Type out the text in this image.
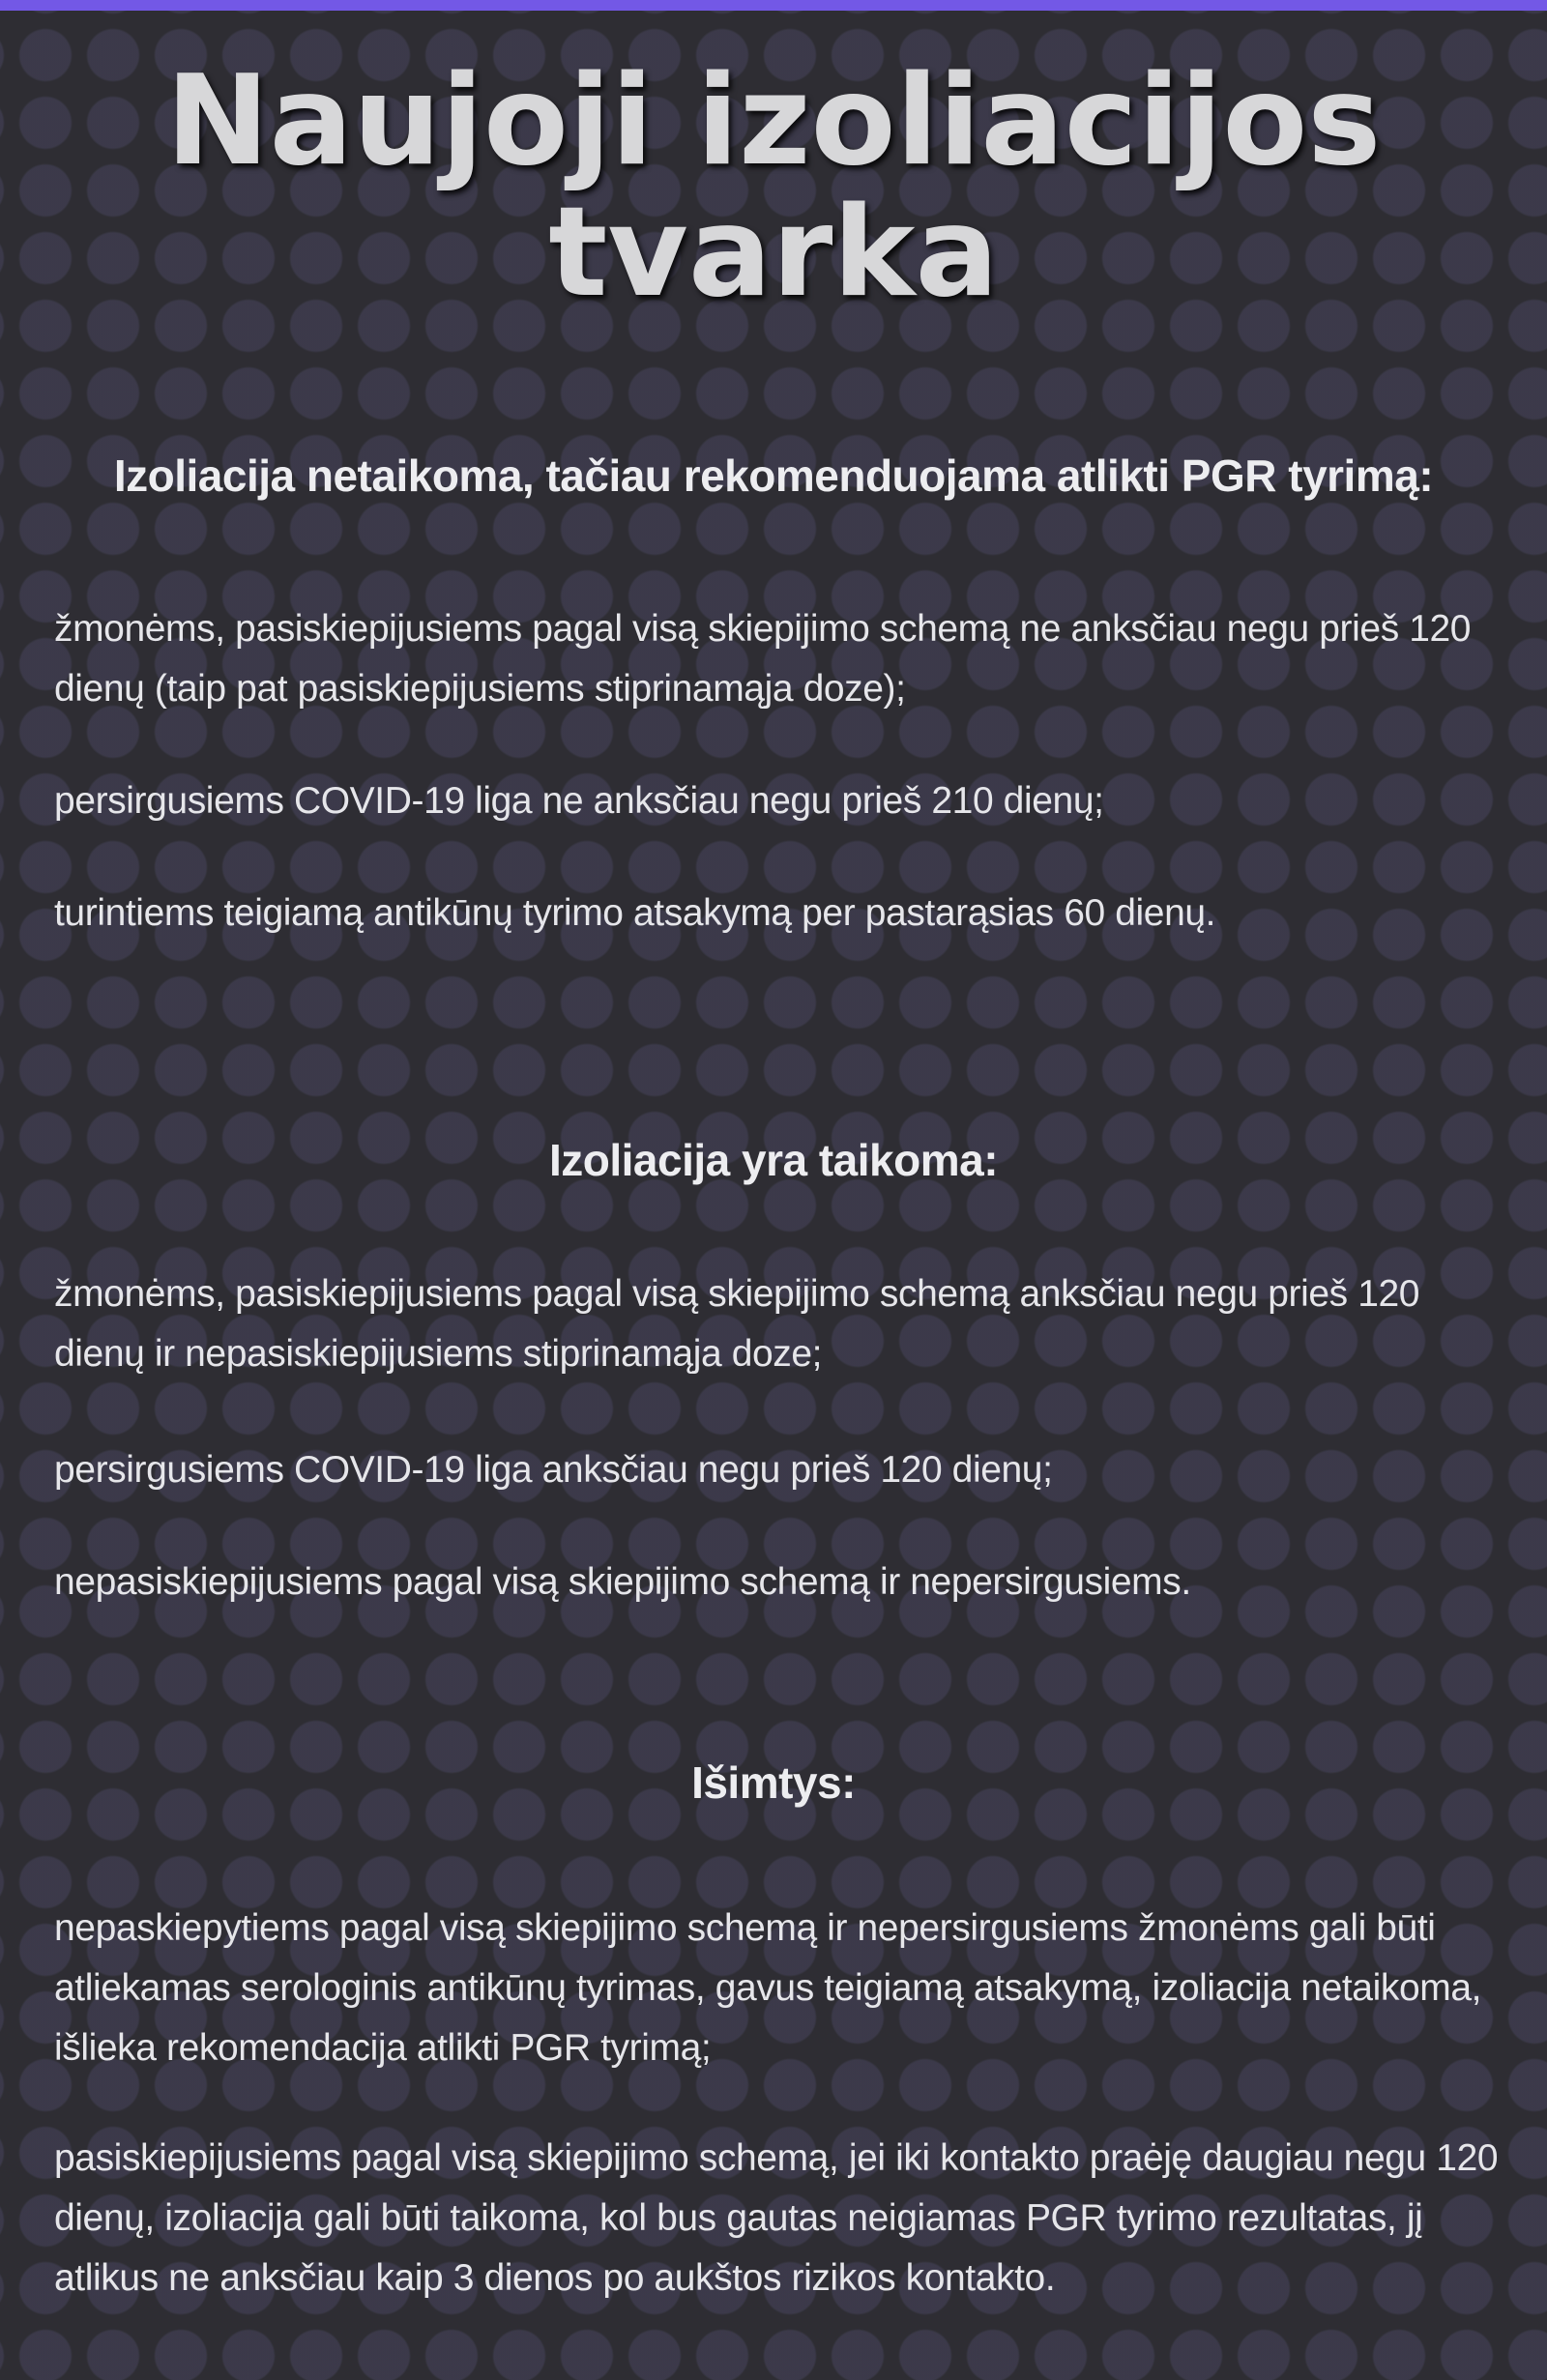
Naujoji izoliacijos tvarka
Izoliacija netaikoma, tačiau rekomenduojama atlikti PGR tyrimą:

žmonėms, pasiskiepijusiems pagal visą skiepijimo schemą ne anksčiau negu prieš 120 dienų (taip pat pasiskiepijusiems stiprinamąja doze);

persirgusiems COVID-19 liga ne anksčiau negu prieš 210 dienų;

turintiems teigiamą antikūnų tyrimo atsakymą per pastarąsias 60 dienų.

Izoliacija yra taikoma:

žmonėms, pasiskiepijusiems pagal visą skiepijimo schemą anksčiau negu prieš 120 dienų ir nepasiskiepijusiems stiprinamąja doze;

persirgusiems COVID-19 liga anksčiau negu prieš 120 dienų;

nepasiskiepijusiems pagal visą skiepijimo schemą ir nepersirgusiems.

Išimtys:

nepaskiepytiems pagal visą skiepijimo schemą ir nepersirgusiems žmonėms gali būti atliekamas serologinis antikūnų tyrimas, gavus teigiamą atsakymą, izoliacija netaikoma, išlieka rekomendacija atlikti PGR tyrimą;

pasiskiepijusiems pagal visą skiepijimo schemą, jei iki kontakto praėję daugiau negu 120 dienų, izoliacija gali būti taikoma, kol bus gautas neigiamas PGR tyrimo rezultatas, jį atlikus ne anksčiau kaip 3 dienos po aukštos rizikos kontakto.
